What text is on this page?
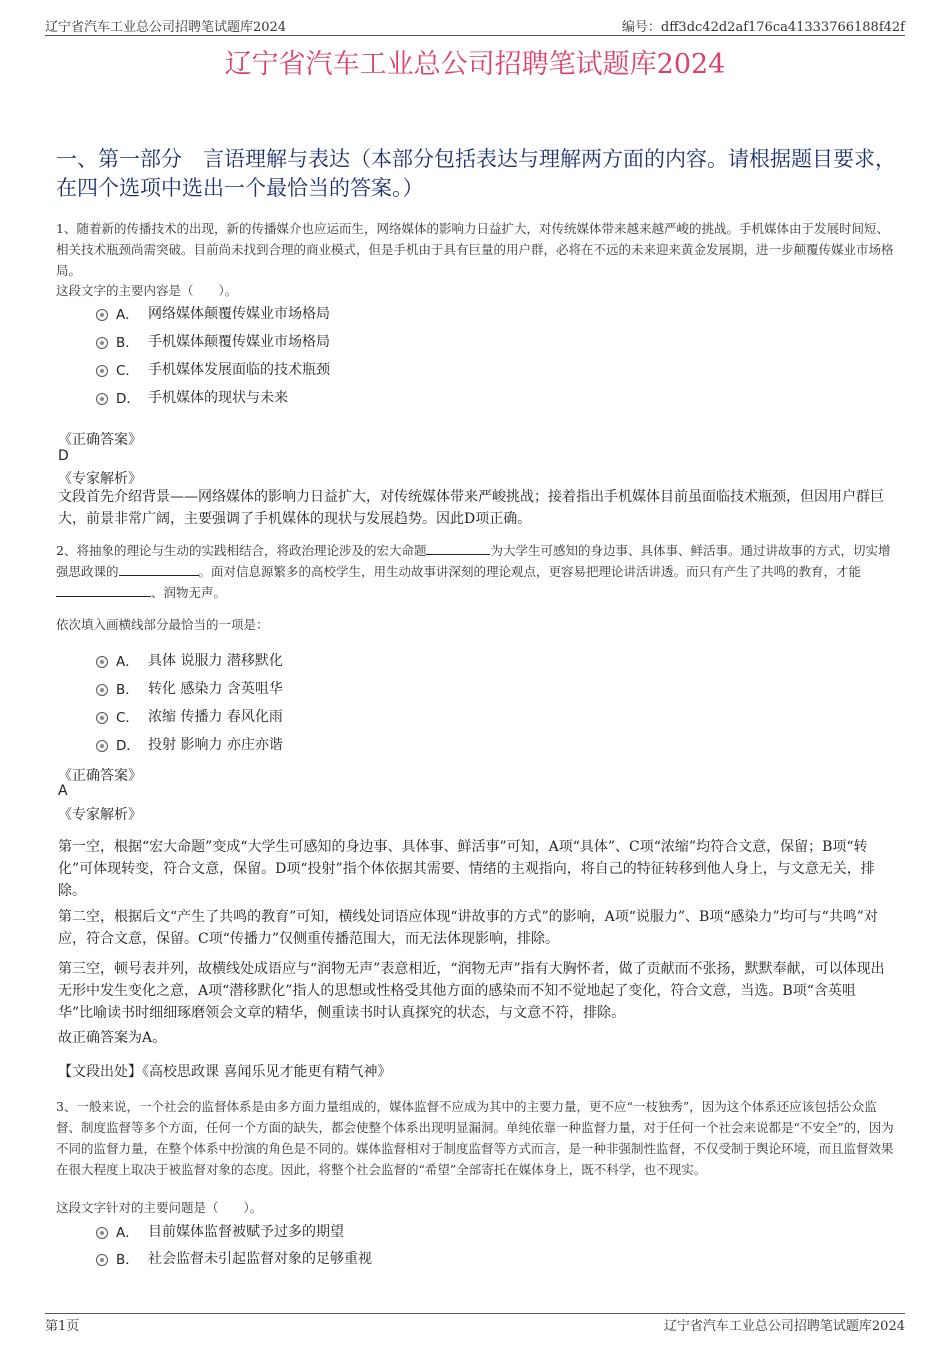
辽宁省汽车工业总公司招聘笔试题库2024	编号：dff3dc42d2af176ca41333766188f42f
辽宁省汽车工业总公司招聘笔试题库2024
一、第一部分　言语理解与表达（本部分包括表达与理解两方面的内容。请根据题目要求，在四个选项中选出一个最恰当的答案。）
1、随着新的传播技术的出现，新的传播媒介也应运而生，网络媒体的影响力日益扩大，对传统媒体带来越来越严峻的挑战。手机媒体由于发展时间短、相关技术瓶颈尚需突破。目前尚未找到合理的商业模式，但是手机由于具有巨量的用户群，必将在不远的未来迎来黄金发展期，进一步颠覆传媒业市场格局。
这段文字的主要内容是（　　）。
A． 网络媒体颠覆传媒业市场格局
B． 手机媒体颠覆传媒业市场格局
C． 手机媒体发展面临的技术瓶颈
D． 手机媒体的现状与未来
《正确答案》
D
《专家解析》
文段首先介绍背景——网络媒体的影响力日益扩大，对传统媒体带来严峻挑战；接着指出手机媒体目前虽面临技术瓶颈，但因用户群巨大，前景非常广阔，主要强调了手机媒体的现状与发展趋势。因此D项正确。
2、将抽象的理论与生动的实践相结合，将政治理论涉及的宏大命题	为大学生可感知的身边事、具体事、鲜活事。通过讲故事的方式，切实增强思政课的	。面对信息源繁多的高校学生，用生动故事讲深刻的理论观点，更容易把理论讲活讲透。而只有产生了共鸣的教育，才能、润物无声。
依次填入画横线部分最恰当的一项是：
A． 具体 说服力 潜移默化
B． 转化 感染力 含英咀华
C． 浓缩 传播力 春风化雨
D． 投射 影响力 亦庄亦谐
《正确答案》
A
《专家解析》
第一空，根据“宏大命题”变成“大学生可感知的身边事、具体事、鲜活事”可知，A项“具体”、C项“浓缩”均符合文意，保留；B项“转化”可体现转变，符合文意，保留。D项“投射”指个体依据其需要、情绪的主观指向，将自己的特征转移到他人身上，与文意无关，排除。
第二空，根据后文“产生了共鸣的教育”可知，横线处词语应体现“讲故事的方式”的影响，A项“说服力”、B项“感染力”均可与“共鸣”对应，符合文意，保留。C项“传播力”仅侧重传播范围大，而无法体现影响，排除。
第三空，顿号表并列，故横线处成语应与“润物无声”表意相近，“润物无声”指有大胸怀者，做了贡献而不张扬，默默奉献，可以体现出无形中发生变化之意，A项“潜移默化”指人的思想或性格受其他方面的感染而不知不觉地起了变化，符合文意，当选。B项“含英咀华”比喻读书时细细琢磨领会文章的精华，侧重读书时认真探究的状态，与文意不符，排除。
故正确答案为A。
【文段出处】《高校思政课 喜闻乐见才能更有精气神》
3、一般来说，一个社会的监督体系是由多方面力量组成的，媒体监督不应成为其中的主要力量，更不应“一枝独秀”，因为这个体系还应该包括公众监督、制度监督等多个方面，任何一个方面的缺失，都会使整个体系出现明显漏洞。单纯依靠一种监督力量，对于任何一个社会来说都是“不安全”的，因为不同的监督力量，在整个体系中扮演的角色是不同的。媒体监督相对于制度监督等方式而言，是一种非强制性监督，不仅受制于舆论环境，而且监督效果在很大程度上取决于被监督对象的态度。因此，将整个社会监督的“希望”全部寄托在媒体身上，既不科学，也不现实。
这段文字针对的主要问题是（　　）。
A． 目前媒体监督被赋予过多的期望
B． 社会监督未引起监督对象的足够重视
第1页	辽宁省汽车工业总公司招聘笔试题库2024
